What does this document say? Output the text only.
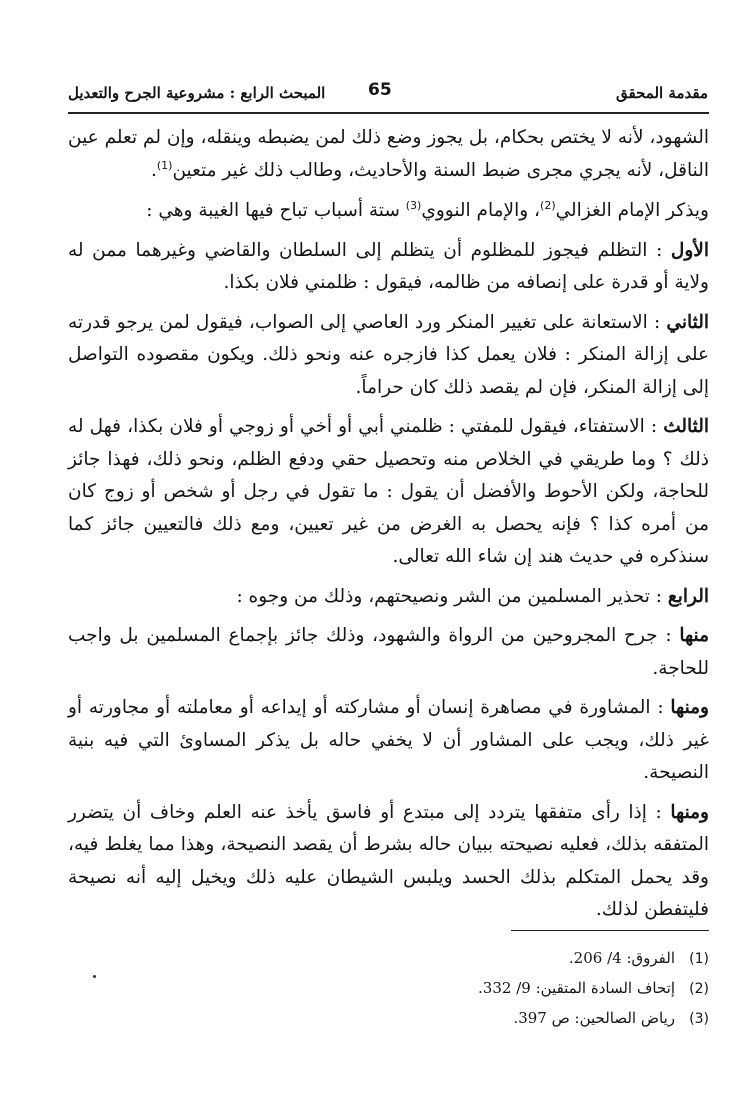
مقدمة المحقق
65
المبحث الرابع : مشروعية الجرح والتعديل

الشهود، لأنه لا يختص بحكام، بل يجوز وضع ذلك لمن يضبطه وينقله، وإن لم تعلم عين الناقل، لأنه يجري مجرى ضبط السنة والأحاديث، وطالب ذلك غير متعين$^{(1)}$.

ويذكر الإمام الغزالي$^{(2)}$، والإمام النووي$^{(3)}$ ستة أسباب تباح فيها الغيبة وهي :

الأول : التظلم فيجوز للمظلوم أن يتظلم إلى السلطان والقاضي وغيرهما ممن له ولاية أو قدرة على إنصافه من ظالمه، فيقول : ظلمني فلان بكذا.

الثاني : الاستعانة على تغيير المنكر ورد العاصي إلى الصواب، فيقول لمن يرجو قدرته على إزالة المنكر : فلان يعمل كذا فازجره عنه ونحو ذلك. ويكون مقصوده التواصل إلى إزالة المنكر، فإن لم يقصد ذلك كان حراماً.

الثالث : الاستفتاء، فيقول للمفتي : ظلمني أبي أو أخي أو زوجي أو فلان بكذا، فهل له ذلك ؟ وما طريقي في الخلاص منه وتحصيل حقي ودفع الظلم، ونحو ذلك، فهذا جائز للحاجة، ولكن الأحوط والأفضل أن يقول : ما تقول في رجل أو شخص أو زوج كان من أمره كذا ؟ فإنه يحصل به الغرض من غير تعيين، ومع ذلك فالتعيين جائز كما سنذكره في حديث هند إن شاء الله تعالى.

الرابع : تحذير المسلمين من الشر ونصيحتهم، وذلك من وجوه :

منها : جرح المجروحين من الرواة والشهود، وذلك جائز بإجماع المسلمين بل واجب للحاجة.

ومنها : المشاورة في مصاهرة إنسان أو مشاركته أو إيداعه أو معاملته أو مجاورته أو غير ذلك، ويجب على المشاور أن لا يخفي حاله بل يذكر المساوئ التي فيه بنية النصيحة.

ومنها : إذا رأى متفقها يتردد إلى مبتدع أو فاسق يأخذ عنه العلم وخاف أن يتضرر المتفقه بذلك، فعليه نصيحته ببيان حاله بشرط أن يقصد النصيحة، وهذا مما يغلط فيه، وقد يحمل المتكلم بذلك الحسد ويلبس الشيطان عليه ذلك ويخيل إليه أنه نصيحة فليتفطن لذلك.

(1)الفروق: 4/ 206.
(2)إتحاف السادة المتقين: 9/ 332.
(3)رياض الصالحين: ص 397.
